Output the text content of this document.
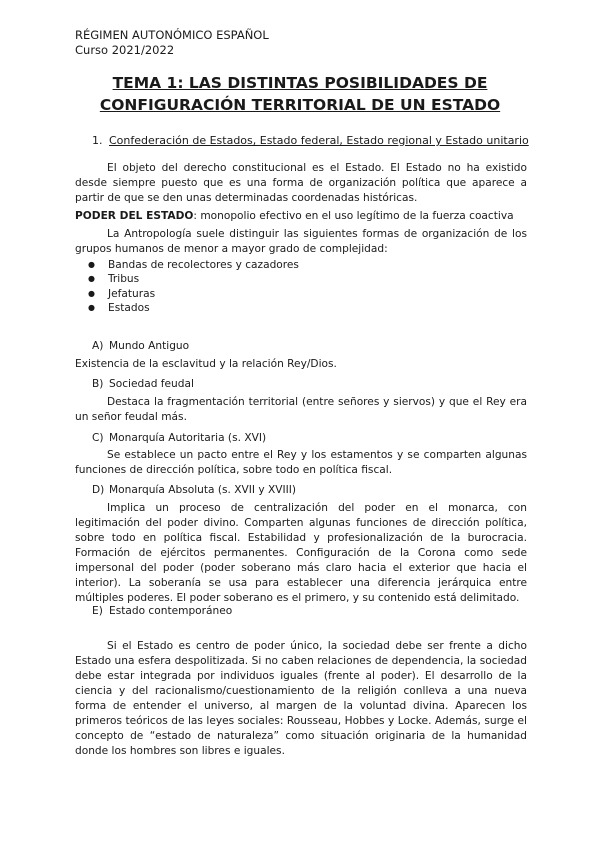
RÉGIMEN AUTONÓMICO ESPAÑOL
Curso 2021/2022
TEMA 1: LAS DISTINTAS POSIBILIDADES DE
CONFIGURACIÓN TERRITORIAL DE UN ESTADO
1. Confederación de Estados, Estado federal, Estado regional y Estado unitario

El objeto del derecho constitucional es el Estado. El Estado no ha existido desde siempre puesto que es una forma de organización política que aparece a partir de que se den unas determinadas coordenadas históricas.

PODER DEL ESTADO: monopolio efectivo en el uso legítimo de la fuerza coactiva

La Antropología suele distinguir las siguientes formas de organización de los grupos humanos de menor a mayor grado de complejidad:

● Bandas de recolectores y cazadores
● Tribus
● Jefaturas
● Estados
A) Mundo Antiguo
Existencia de la esclavitud y la relación Rey/Dios.
B) Sociedad feudal

Destaca la fragmentación territorial (entre señores y siervos) y que el Rey era un señor feudal más.

C) Monarquía Autoritaria (s. XVI)

Se establece un pacto entre el Rey y los estamentos y se comparten algunas funciones de dirección política, sobre todo en política fiscal.

D) Monarquía Absoluta (s. XVII y XVIII)

Implica un proceso de centralización del poder en el monarca, con legitimación del poder divino. Comparten algunas funciones de dirección política, sobre todo en política fiscal. Estabilidad y profesionalización de la burocracia. Formación de ejércitos permanentes. Configuración de la Corona como sede impersonal del poder (poder soberano más claro hacia el exterior que hacia el interior). La soberanía se usa para establecer una diferencia jerárquica entre múltiples poderes. El poder soberano es el primero, y su contenido está delimitado.

E) Estado contemporáneo

Si el Estado es centro de poder único, la sociedad debe ser frente a dicho Estado una esfera despolitizada. Si no caben relaciones de dependencia, la sociedad debe estar integrada por individuos iguales (frente al poder). El desarrollo de la ciencia y del racionalismo/cuestionamiento de la religión conlleva a una nueva forma de entender el universo, al margen de la voluntad divina. Aparecen los primeros teóricos de las leyes sociales: Rousseau, Hobbes y Locke. Además, surge el concepto de “estado de naturaleza” como situación originaria de la humanidad donde los hombres son libres e iguales.
